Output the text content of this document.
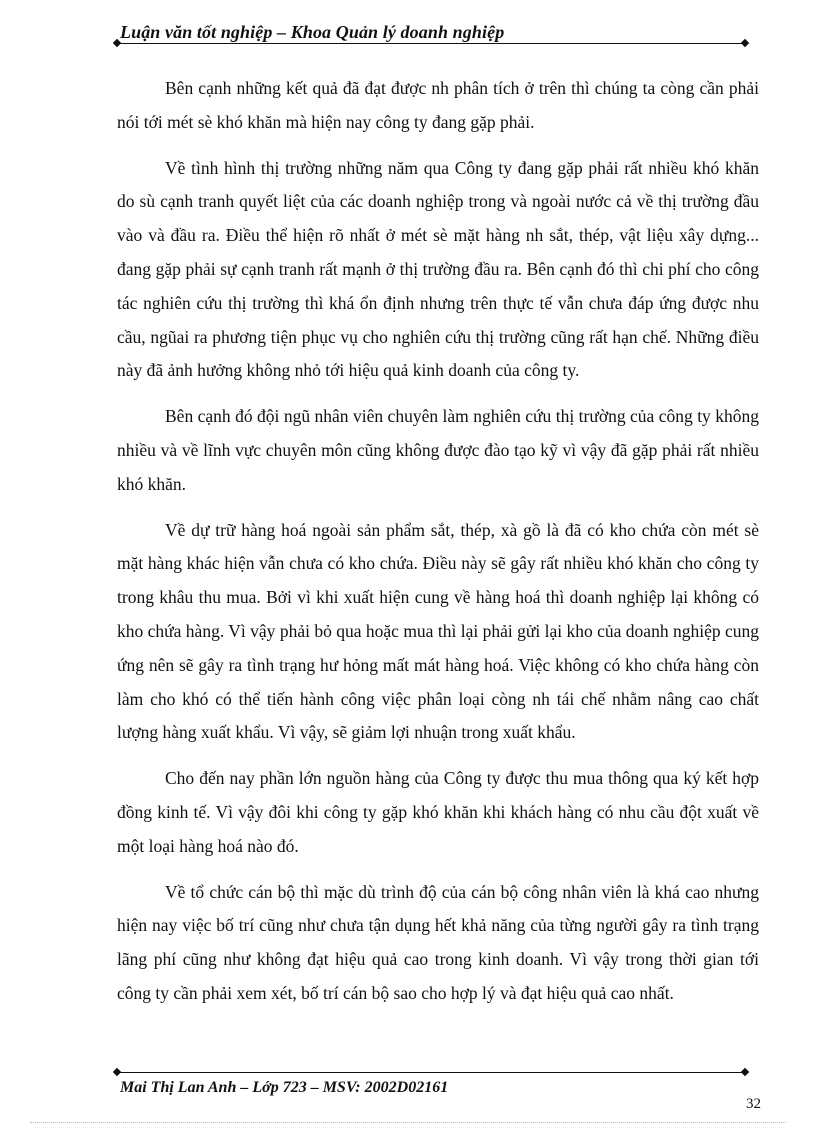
Luận văn tốt nghiệp – Khoa Quản lý doanh nghiệp

Bên cạnh những kết quả đã đạt được nh phân tích ở trên thì chúng ta còng cần phải nói tới mét sè khó khăn mà hiện nay công ty đang gặp phải.

Về tình hình thị trường những năm qua Công ty đang gặp phải rất nhiều khó khăn do sù cạnh tranh quyết liệt của các doanh nghiệp trong và ngoài nước cả về thị trường đầu vào và đầu ra. Điều thể hiện rõ nhất ở mét sè mặt hàng nh sắt, thép, vật liệu xây dựng... đang gặp phải sự cạnh tranh rất mạnh ở thị trường đầu ra. Bên cạnh đó thì chi phí cho công tác nghiên cứu thị trường thì khá ổn định nhưng trên thực tế vẫn chưa đáp ứng được nhu cầu, ngũai ra phương tiện phục vụ cho nghiên cứu thị trường cũng rất hạn chế. Những điều này đã ảnh hưởng không nhỏ tới hiệu quả kinh doanh của công ty.

Bên cạnh đó đội ngũ nhân viên chuyên làm nghiên cứu thị trường của công ty không nhiều và về lĩnh vực chuyên môn cũng không được đào tạo kỹ vì vậy đã gặp phải rất nhiều khó khăn.

Về dự trữ hàng hoá ngoài sản phẩm sắt, thép, xà gồ là đã có kho chứa còn mét sè mặt hàng khác hiện vẫn chưa có kho chứa. Điều này sẽ gây rất nhiều khó khăn cho công ty trong khâu thu mua. Bởi vì khi xuất hiện cung về hàng hoá thì doanh nghiệp lại không có kho chứa hàng. Vì vậy phải bỏ qua hoặc mua thì lại phải gửi lại kho của doanh nghiệp cung ứng nên sẽ gây ra tình trạng hư hỏng mất mát hàng hoá. Việc không có kho chứa hàng còn làm cho khó có thể tiến hành công việc phân loại còng nh tái chế nhằm nâng cao chất lượng hàng xuất khẩu. Vì vậy, sẽ giảm lợi nhuận trong xuất khẩu.

Cho đến nay phần lớn nguồn hàng của Công ty được thu mua thông qua ký kết hợp đồng kinh tế. Vì vậy đôi khi công ty gặp khó khăn khi khách hàng có nhu cầu đột xuất về một loại hàng hoá nào đó.

Về tổ chức cán bộ thì mặc dù trình độ của cán bộ công nhân viên là khá cao nhưng hiện nay việc bố trí cũng như chưa tận dụng hết khả năng của từng người gây ra tình trạng lãng phí cũng như không đạt hiệu quả cao trong kinh doanh. Vì vậy trong thời gian tới công ty cần phải xem xét, bố trí cán bộ sao cho hợp lý và đạt hiệu quả cao nhất.

Mai Thị Lan Anh – Lớp 723 – MSV: 2002D02161
32
